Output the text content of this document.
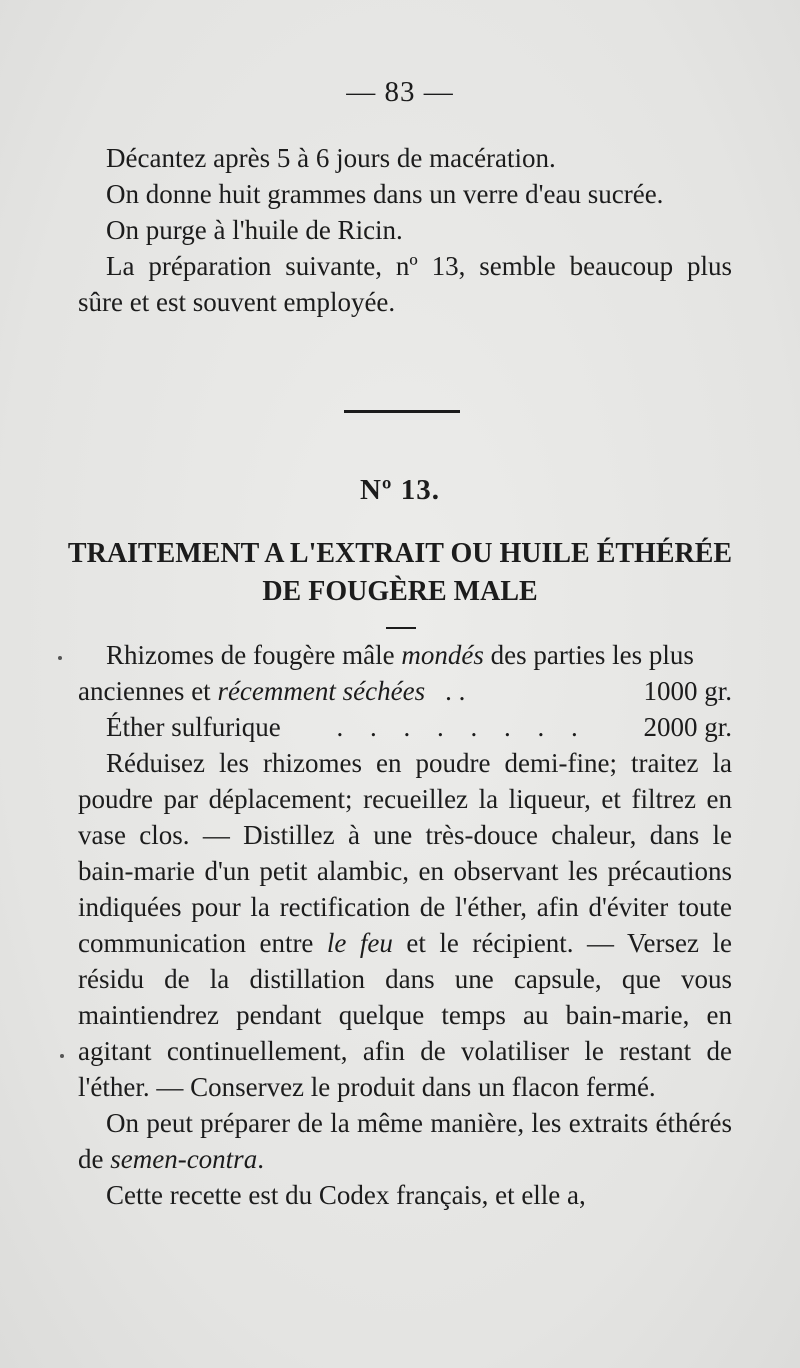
— 83 —

Décantez après 5 à 6 jours de macération.

On donne huit grammes dans un verre d'eau sucrée.

On purge à l'huile de Ricin.

La préparation suivante, nº 13, semble beaucoup plus sûre et est souvent employée.

Nº 13.
TRAITEMENT A L'EXTRAIT OU HUILE ÉTHÉRÉE
DE FOUGÈRE MALE

Rhizomes de fougère mâle mondés des parties les plus anciennes et récemment séchées . .	1000 gr.

Éther sulfurique	. . . . . . . .	2000 gr.

Réduisez les rhizomes en poudre demi-fine; traitez la poudre par déplacement; recueillez la liqueur, et filtrez en vase clos. — Distillez à une très-douce chaleur, dans le bain-marie d'un petit alambic, en observant les précautions indiquées pour la rectification de l'éther, afin d'éviter toute communication entre le feu et le récipient. — Versez le résidu de la distillation dans une capsule, que vous maintiendrez pendant quelque temps au bain-marie, en agitant continuellement, afin de volatiliser le restant de l'éther. — Conservez le produit dans un flacon fermé.

On peut préparer de la même manière, les extraits éthérés de semen-contra.

Cette recette est du Codex français, et elle a,
